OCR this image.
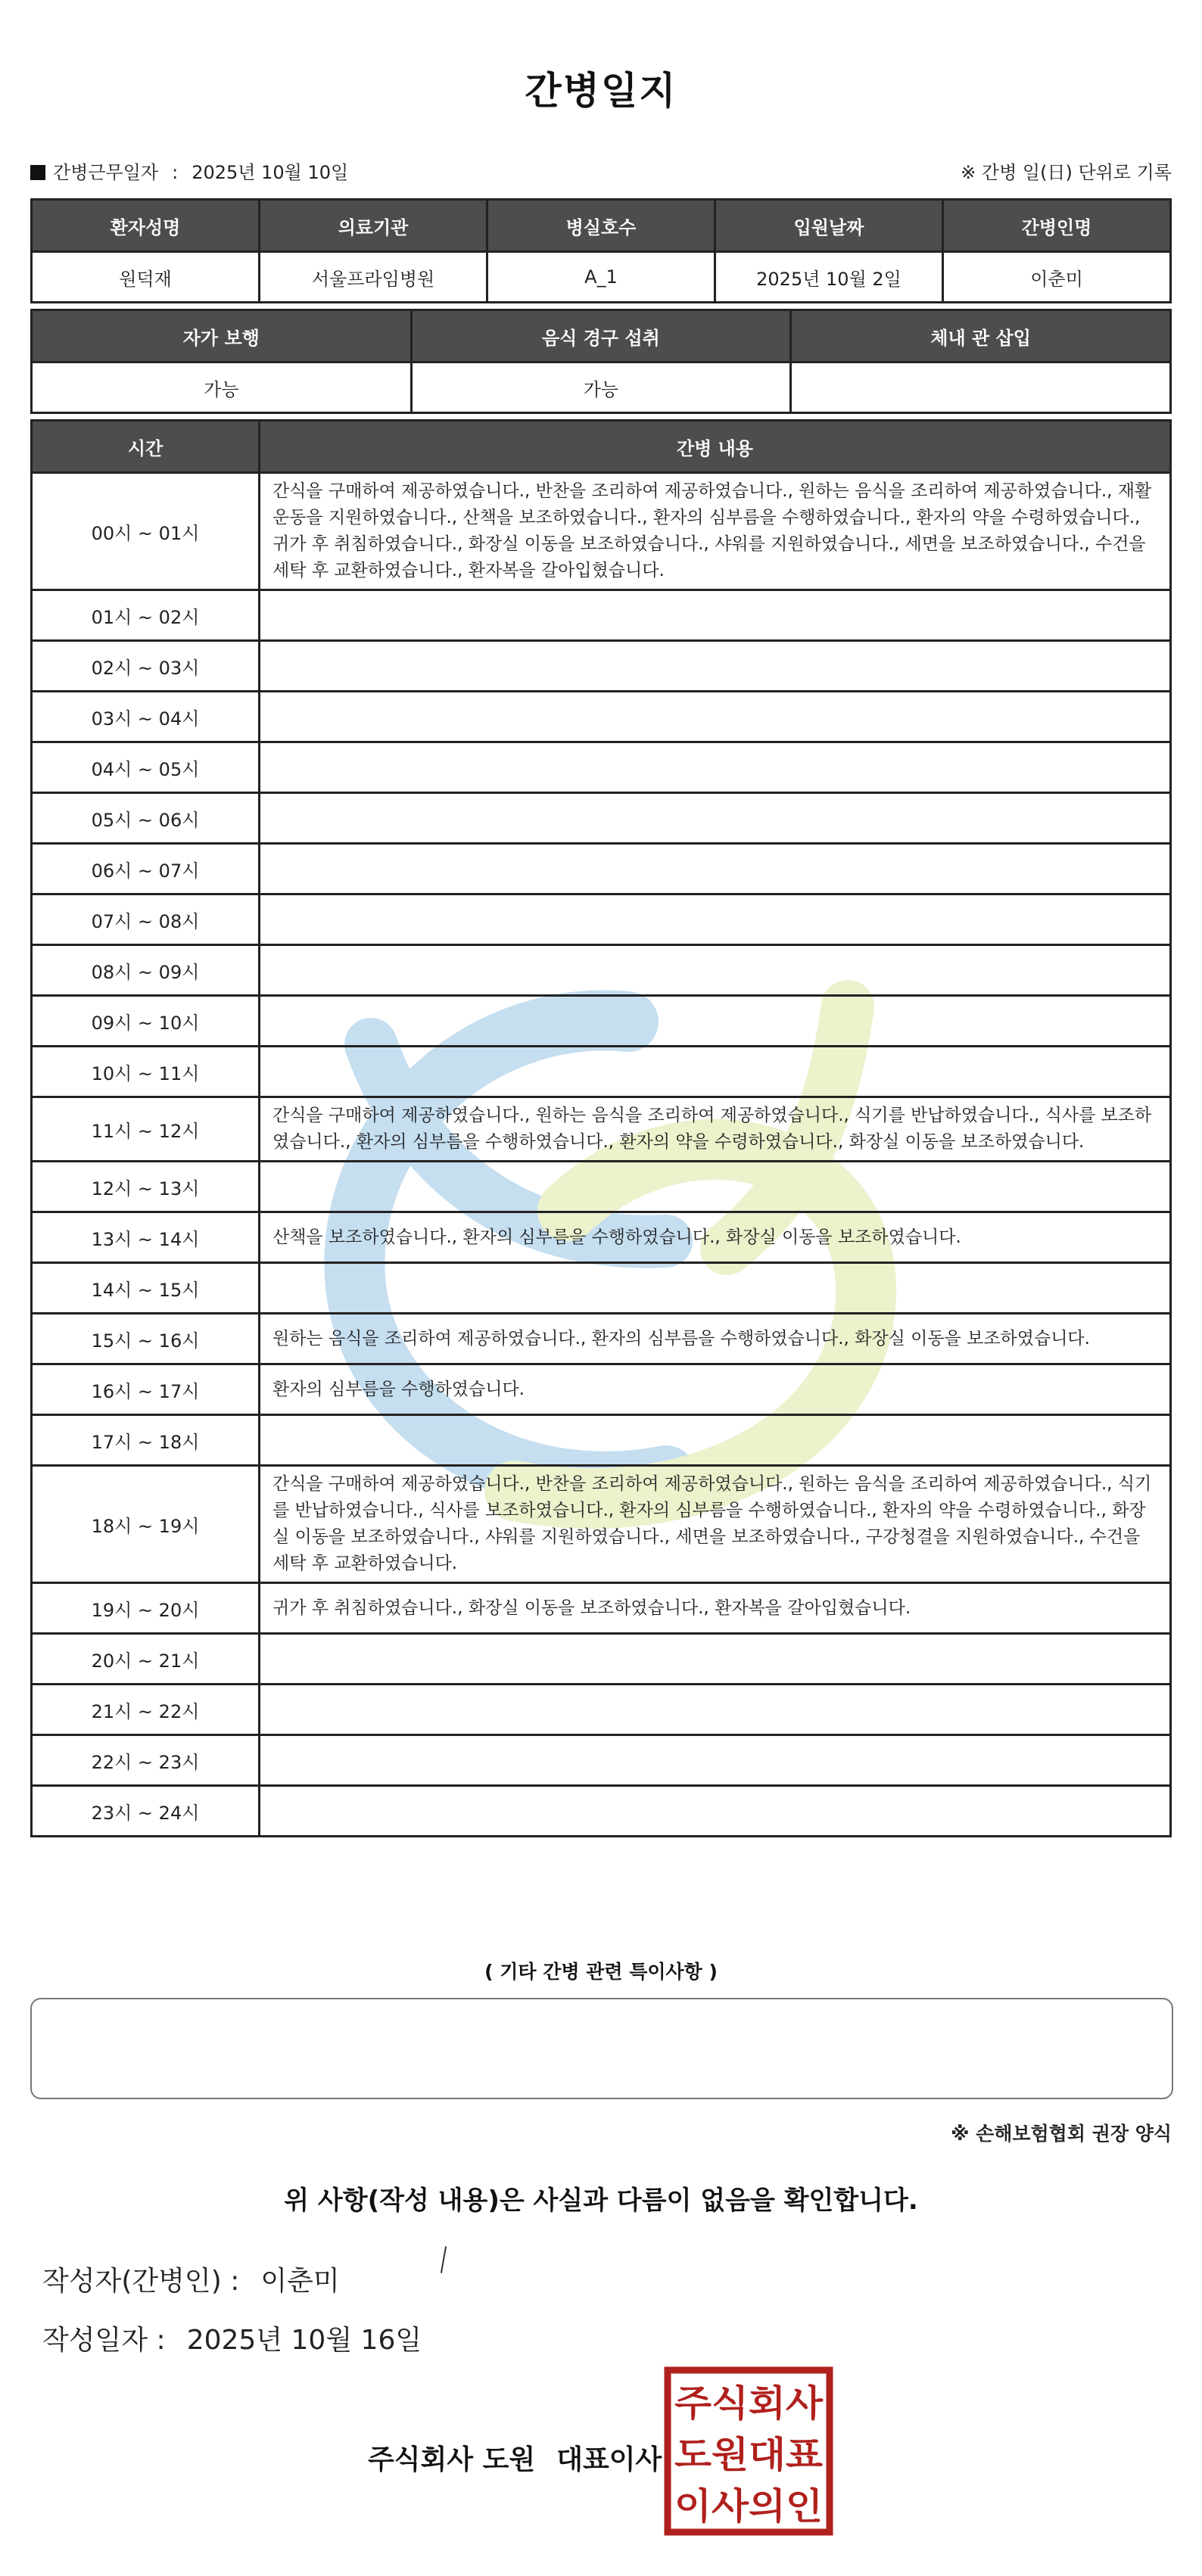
간병일지
간병근무일자 : 2025년 10월 10일	※ 간병 일(日) 단위로 기록
환자성명	의료기관	병실호수	입원날짜	간병인명
원덕재	서울프라임병원	A_1	2025년 10월 2일	이춘미
자가 보행	음식 경구 섭취	체내 관 삽입
가능	가능	
시간	간병 내용
00시 ~ 01시	간식을 구매하여 제공하였습니다., 반찬을 조리하여 제공하였습니다., 원하는 음식을 조리하여 제공하였습니다., 재활운동을 지원하였습니다., 산책을 보조하였습니다., 환자의 심부름을 수행하였습니다., 환자의 약을 수령하였습니다., 귀가 후 취침하였습니다., 화장실 이동을 보조하였습니다., 샤워를 지원하였습니다., 세면을 보조하였습니다., 수건을 세탁 후 교환하였습니다., 환자복을 갈아입혔습니다.
01시 ~ 02시	
02시 ~ 03시	
03시 ~ 04시	
04시 ~ 05시	
05시 ~ 06시	
06시 ~ 07시	
07시 ~ 08시	
08시 ~ 09시	
09시 ~ 10시	
10시 ~ 11시	
11시 ~ 12시	간식을 구매하여 제공하였습니다., 원하는 음식을 조리하여 제공하였습니다., 식기를 반납하였습니다., 식사를 보조하였습니다., 환자의 심부름을 수행하였습니다., 환자의 약을 수령하였습니다., 화장실 이동을 보조하였습니다.
12시 ~ 13시	
13시 ~ 14시	산책을 보조하였습니다., 환자의 심부름을 수행하였습니다., 화장실 이동을 보조하였습니다.
14시 ~ 15시	
15시 ~ 16시	원하는 음식을 조리하여 제공하였습니다., 환자의 심부름을 수행하였습니다., 화장실 이동을 보조하였습니다.
16시 ~ 17시	환자의 심부름을 수행하였습니다.
17시 ~ 18시	
18시 ~ 19시	간식을 구매하여 제공하였습니다., 반찬을 조리하여 제공하였습니다., 원하는 음식을 조리하여 제공하였습니다., 식기를 반납하였습니다., 식사를 보조하였습니다., 환자의 심부름을 수행하였습니다., 환자의 약을 수령하였습니다., 화장실 이동을 보조하였습니다., 샤워를 지원하였습니다., 세면을 보조하였습니다., 구강청결을 지원하였습니다., 수건을 세탁 후 교환하였습니다.
19시 ~ 20시	귀가 후 취침하였습니다., 화장실 이동을 보조하였습니다., 환자복을 갈아입혔습니다.
20시 ~ 21시	
21시 ~ 22시	
22시 ~ 23시	
23시 ~ 24시	
( 기타 간병 관련 특이사항 )
※ 손해보험협회 권장 양식
위 사항(작성 내용)은 사실과 다름이 없음을 확인합니다.
작성자(간병인) : 이춘미
작성일자 : 2025년 10월 16일
주식회사 도원 대표이사
주식회사
도원대표
이사의인
